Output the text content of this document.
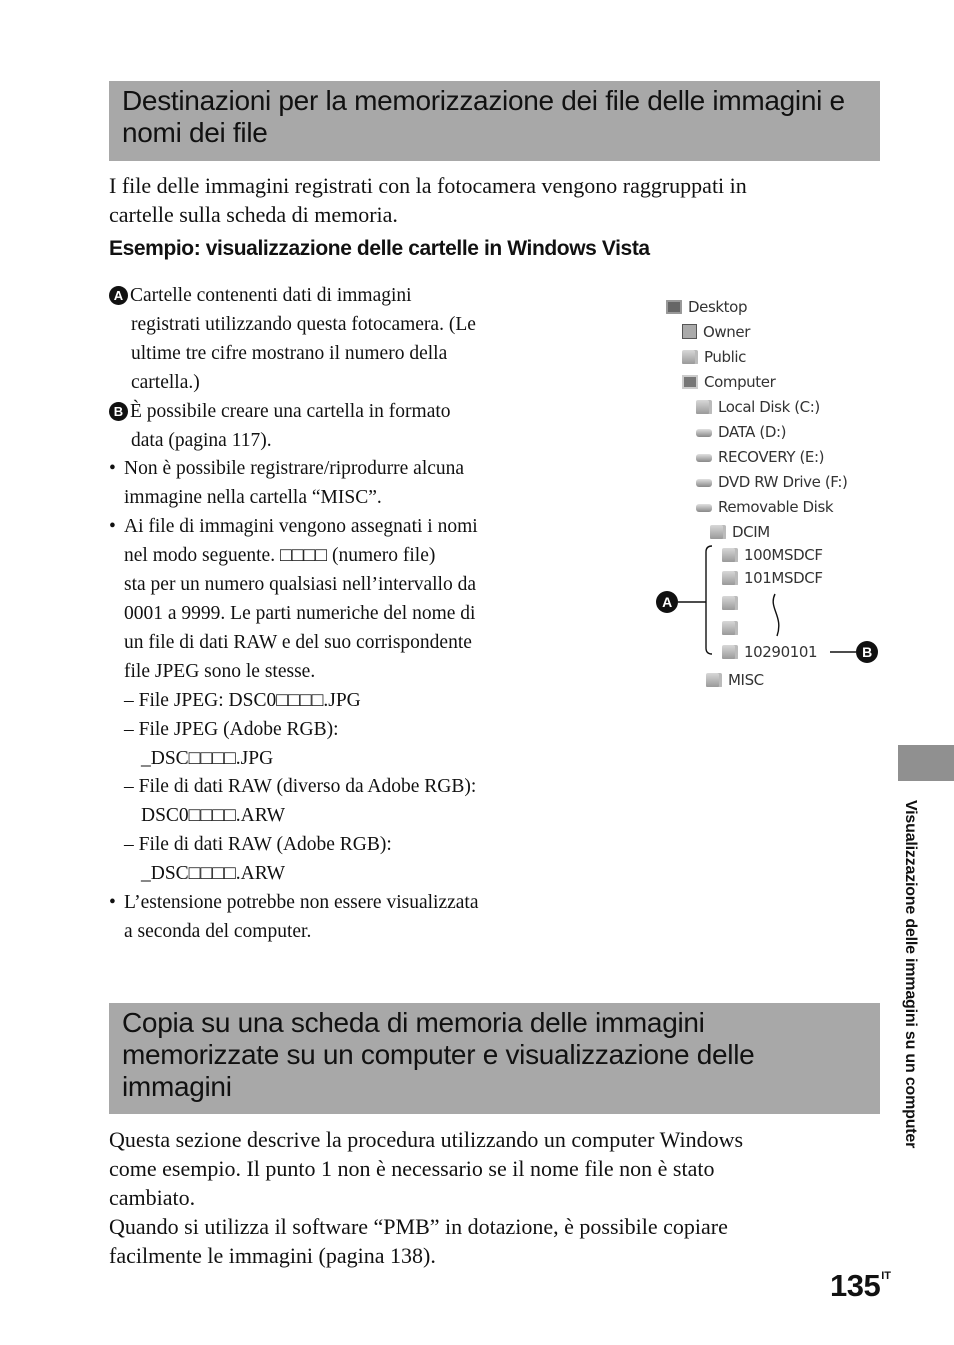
Destinazioni per la memorizzazione dei file delle immagini e
nomi dei file
I file delle immagini registrati con la fotocamera vengono raggruppati in
cartelle sulla scheda di memoria.
Esempio: visualizzazione delle cartelle in Windows Vista
A Cartelle contenenti dati di immagini
registrati utilizzando questa fotocamera. (Le
ultime tre cifre mostrano il numero della
cartella.)
B È possibile creare una cartella in formato
data (pagina 117).
• Non è possibile registrare/riprodurre alcuna
immagine nella cartella “MISC”.
• Ai file di immagini vengono assegnati i nomi
nel modo seguente. □□□□ (numero file)
sta per un numero qualsiasi nell’intervallo da
0001 a 9999. Le parti numeriche del nome di
un file di dati RAW e del suo corrispondente
file JPEG sono le stesse.
– File JPEG: DSC0□□□□.JPG
– File JPEG (Adobe RGB):
_DSC□□□□.JPG
– File di dati RAW (diverso da Adobe RGB):
DSC0□□□□.ARW
– File di dati RAW (Adobe RGB):
_DSC□□□□.ARW
• L’estensione potrebbe non essere visualizzata
a seconda del computer.
Desktop
Owner
Public
Computer
Local Disk (C:)
DATA (D:)
RECOVERY (E:)
DVD RW Drive (F:)
Removable Disk
DCIM
100MSDCF
101MSDCF
10290101
MISC
A
B
Copia su una scheda di memoria delle immagini
memorizzate su un computer e visualizzazione delle
immagini
Questa sezione descrive la procedura utilizzando un computer Windows
come esempio. Il punto 1 non è necessario se il nome file non è stato
cambiato.
Quando si utilizza il software “PMB” in dotazione, è possibile copiare
facilmente le immagini (pagina 138).
Visualizzazione delle immagini su un computer
$135^{IT}$
